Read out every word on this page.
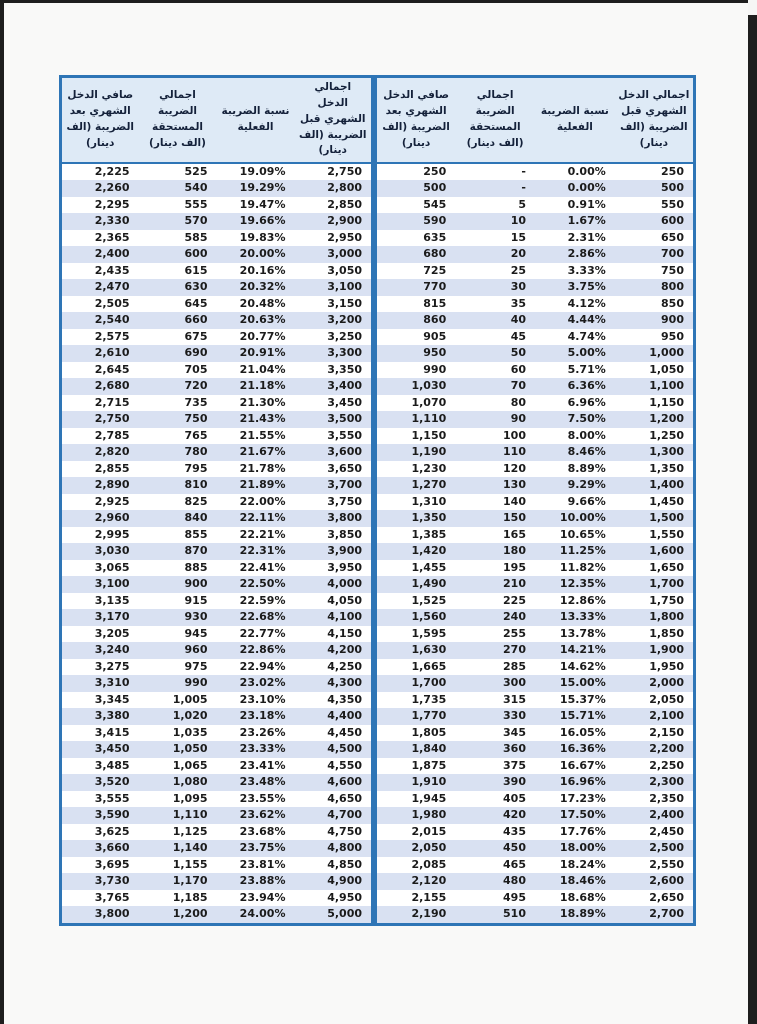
اجمالي الدخل الشهري قبل الضريبة (الف دينار)	نسبة الضريبة الفعلية	اجمالي الضريبة المستحقة (الف دينار)	صافي الدخل الشهري بعد الضريبة (الف دينار)
250	0.00%	-	250
500	0.00%	-	500
550	0.91%	5	545
600	1.67%	10	590
650	2.31%	15	635
700	2.86%	20	680
750	3.33%	25	725
800	3.75%	30	770
850	4.12%	35	815
900	4.44%	40	860
950	4.74%	45	905
1,000	5.00%	50	950
1,050	5.71%	60	990
1,100	6.36%	70	1,030
1,150	6.96%	80	1,070
1,200	7.50%	90	1,110
1,250	8.00%	100	1,150
1,300	8.46%	110	1,190
1,350	8.89%	120	1,230
1,400	9.29%	130	1,270
1,450	9.66%	140	1,310
1,500	10.00%	150	1,350
1,550	10.65%	165	1,385
1,600	11.25%	180	1,420
1,650	11.82%	195	1,455
1,700	12.35%	210	1,490
1,750	12.86%	225	1,525
1,800	13.33%	240	1,560
1,850	13.78%	255	1,595
1,900	14.21%	270	1,630
1,950	14.62%	285	1,665
2,000	15.00%	300	1,700
2,050	15.37%	315	1,735
2,100	15.71%	330	1,770
2,150	16.05%	345	1,805
2,200	16.36%	360	1,840
2,250	16.67%	375	1,875
2,300	16.96%	390	1,910
2,350	17.23%	405	1,945
2,400	17.50%	420	1,980
2,450	17.76%	435	2,015
2,500	18.00%	450	2,050
2,550	18.24%	465	2,085
2,600	18.46%	480	2,120
2,650	18.68%	495	2,155
2,700	18.89%	510	2,190
اجمالي الدخل الشهري قبل الضريبة (الف دينار)	نسبة الضريبة الفعلية	اجمالي الضريبة المستحقة (الف دينار)	صافي الدخل الشهري بعد الضريبة (الف دينار)
2,750	19.09%	525	2,225
2,800	19.29%	540	2,260
2,850	19.47%	555	2,295
2,900	19.66%	570	2,330
2,950	19.83%	585	2,365
3,000	20.00%	600	2,400
3,050	20.16%	615	2,435
3,100	20.32%	630	2,470
3,150	20.48%	645	2,505
3,200	20.63%	660	2,540
3,250	20.77%	675	2,575
3,300	20.91%	690	2,610
3,350	21.04%	705	2,645
3,400	21.18%	720	2,680
3,450	21.30%	735	2,715
3,500	21.43%	750	2,750
3,550	21.55%	765	2,785
3,600	21.67%	780	2,820
3,650	21.78%	795	2,855
3,700	21.89%	810	2,890
3,750	22.00%	825	2,925
3,800	22.11%	840	2,960
3,850	22.21%	855	2,995
3,900	22.31%	870	3,030
3,950	22.41%	885	3,065
4,000	22.50%	900	3,100
4,050	22.59%	915	3,135
4,100	22.68%	930	3,170
4,150	22.77%	945	3,205
4,200	22.86%	960	3,240
4,250	22.94%	975	3,275
4,300	23.02%	990	3,310
4,350	23.10%	1,005	3,345
4,400	23.18%	1,020	3,380
4,450	23.26%	1,035	3,415
4,500	23.33%	1,050	3,450
4,550	23.41%	1,065	3,485
4,600	23.48%	1,080	3,520
4,650	23.55%	1,095	3,555
4,700	23.62%	1,110	3,590
4,750	23.68%	1,125	3,625
4,800	23.75%	1,140	3,660
4,850	23.81%	1,155	3,695
4,900	23.88%	1,170	3,730
4,950	23.94%	1,185	3,765
5,000	24.00%	1,200	3,800
